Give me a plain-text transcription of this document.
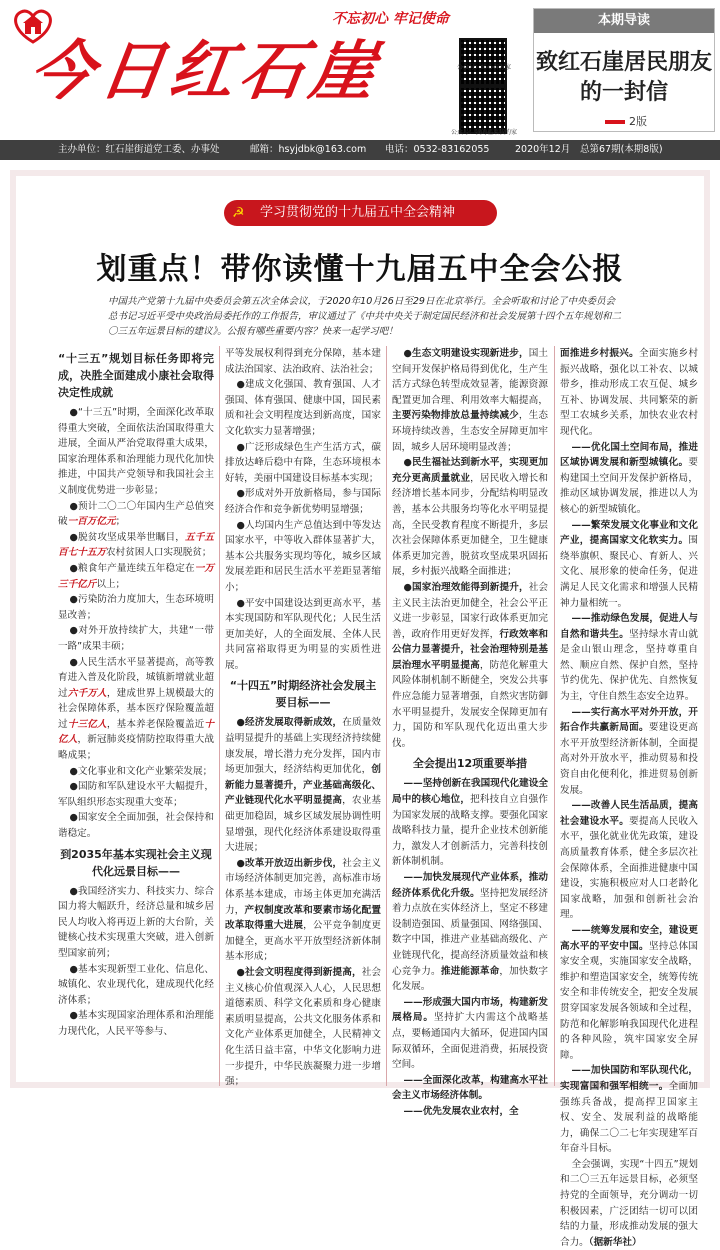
不忘初心 牢记使命
今日红石崖	公众号：红心春万家
公众号：我的福莱我的家
本期导读
致红石崖居民朋友的一封信
2版
主办单位：红石崖街道党工委、办事处	邮箱：hsyjdbk@163.com 电话：0532-83162055	2020年12月 总第67期(本期8版)
学习贯彻党的十九届五中全会精神
☭
划重点！带你读懂十九届五中全会公报
中国共产党第十九届中央委员会第五次全体会议，于2020年10月26日至29日在北京举行。全会听取和讨论了中央委员会总书记习近平受中央政治局委托作的工作报告，审议通过了《中共中央关于制定国民经济和社会发展第十四个五年规划和二〇三五年远景目标的建议》。公报有哪些重要内容？快来一起学习吧！

“十三五”规划目标任务即将完成，决胜全面建成小康社会取得决定性成就

●“十三五”时期，全面深化改革取得重大突破，全面依法治国取得重大进展，全面从严治党取得重大成果，国家治理体系和治理能力现代化加快推进，中国共产党领导和我国社会主义制度优势进一步彰显；

●预计二〇二〇年国内生产总值突破一百万亿元；

●脱贫攻坚成果举世瞩目，五千五百七十五万农村贫困人口实现脱贫；

●粮食年产量连续五年稳定在一万三千亿斤以上；

●污染防治力度加大，生态环境明显改善；

●对外开放持续扩大，共建“一带一路”成果丰硕；

●人民生活水平显著提高，高等教育进入普及化阶段，城镇新增就业超过六千万人，建成世界上规模最大的社会保障体系，基本医疗保险覆盖超过十三亿人，基本养老保险覆盖近十亿人，新冠肺炎疫情防控取得重大战略成果；

●文化事业和文化产业繁荣发展；

●国防和军队建设水平大幅提升，军队组织形态实现重大变革；

●国家安全全面加强，社会保持和谐稳定。

到2035年基本实现社会主义现代化远景目标——

●我国经济实力、科技实力、综合国力将大幅跃升，经济总量和城乡居民人均收入将再迈上新的大台阶，关键核心技术实现重大突破，进入创新型国家前列；

●基本实现新型工业化、信息化、城镇化、农业现代化，建成现代化经济体系；

●基本实现国家治理体系和治理能力现代化，人民平等参与、

平等发展权利得到充分保障，基本建成法治国家、法治政府、法治社会；

●建成文化强国、教育强国、人才强国、体育强国、健康中国，国民素质和社会文明程度达到新高度，国家文化软实力显著增强；

●广泛形成绿色生产生活方式，碳排放达峰后稳中有降，生态环境根本好转，美丽中国建设目标基本实现；

●形成对外开放新格局，参与国际经济合作和竞争新优势明显增强；

●人均国内生产总值达到中等发达国家水平，中等收入群体显著扩大，基本公共服务实现均等化，城乡区域发展差距和居民生活水平差距显著缩小；

●平安中国建设达到更高水平，基本实现国防和军队现代化；人民生活更加美好，人的全面发展、全体人民共同富裕取得更为明显的实质性进展。

“十四五”时期经济社会发展主要目标——

●经济发展取得新成效，在质量效益明显提升的基础上实现经济持续健康发展，增长潜力充分发挥，国内市场更加强大，经济结构更加优化，创新能力显著提升，产业基础高级化、产业链现代化水平明显提高，农业基础更加稳固，城乡区域发展协调性明显增强，现代化经济体系建设取得重大进展；

●改革开放迈出新步伐，社会主义市场经济体制更加完善，高标准市场体系基本建成，市场主体更加充满活力，产权制度改革和要素市场化配置改革取得重大进展，公平竞争制度更加健全，更高水平开放型经济新体制基本形成；

●社会文明程度得到新提高，社会主义核心价值观深入人心，人民思想道德素质、科学文化素质和身心健康素质明显提高，公共文化服务体系和文化产业体系更加健全，人民精神文化生活日益丰富，中华文化影响力进一步提升，中华民族凝聚力进一步增强；

●生态文明建设实现新进步，国土空间开发保护格局得到优化，生产生活方式绿色转型成效显著，能源资源配置更加合理、利用效率大幅提高，主要污染物排放总量持续减少，生态环境持续改善，生态安全屏障更加牢固，城乡人居环境明显改善；

●民生福祉达到新水平，实现更加充分更高质量就业，居民收入增长和经济增长基本同步，分配结构明显改善，基本公共服务均等化水平明显提高，全民受教育程度不断提升，多层次社会保障体系更加健全，卫生健康体系更加完善，脱贫攻坚成果巩固拓展，乡村振兴战略全面推进；

●国家治理效能得到新提升，社会主义民主法治更加健全，社会公平正义进一步彰显，国家行政体系更加完善，政府作用更好发挥，行政效率和公信力显著提升，社会治理特别是基层治理水平明显提高，防范化解重大风险体制机制不断健全，突发公共事件应急能力显著增强，自然灾害防御水平明显提升，发展安全保障更加有力，国防和军队现代化迈出重大步伐。

全会提出12项重要举措

——坚持创新在我国现代化建设全局中的核心地位，把科技自立自强作为国家发展的战略支撑。要强化国家战略科技力量，提升企业技术创新能力，激发人才创新活力，完善科技创新体制机制。

——加快发展现代产业体系，推动经济体系优化升级。坚持把发展经济着力点放在实体经济上，坚定不移建设制造强国、质量强国、网络强国、数字中国，推进产业基础高级化、产业链现代化，提高经济质量效益和核心竞争力。推进能源革命，加快数字化发展。

——形成强大国内市场，构建新发展格局。坚持扩大内需这个战略基点，要畅通国内大循环，促进国内国际双循环，全面促进消费，拓展投资空间。

——全面深化改革，构建高水平社会主义市场经济体制。

——优先发展农业农村，全

面推进乡村振兴。全面实施乡村振兴战略，强化以工补农、以城带乡，推动形成工农互促、城乡互补、协调发展、共同繁荣的新型工农城乡关系，加快农业农村现代化。

——优化国土空间布局，推进区域协调发展和新型城镇化。要构建国土空间开发保护新格局，推动区域协调发展，推进以人为核心的新型城镇化。

——繁荣发展文化事业和文化产业，提高国家文化软实力。围绕举旗帜、聚民心、育新人、兴文化、展形象的使命任务，促进满足人民文化需求和增强人民精神力量相统一。

——推动绿色发展，促进人与自然和谐共生。坚持绿水青山就是金山银山理念，坚持尊重自然、顺应自然、保护自然，坚持节约优先、保护优先、自然恢复为主，守住自然生态安全边界。

——实行高水平对外开放，开拓合作共赢新局面。要建设更高水平开放型经济新体制，全面提高对外开放水平，推动贸易和投资自由化便利化，推进贸易创新发展。

——改善人民生活品质，提高社会建设水平。要提高人民收入水平，强化就业优先政策，建设高质量教育体系，健全多层次社会保障体系，全面推进健康中国建设，实施积极应对人口老龄化国家战略，加强和创新社会治理。

——统筹发展和安全，建设更高水平的平安中国。坚持总体国家安全观，实施国家安全战略，维护和塑造国家安全，统筹传统安全和非传统安全，把安全发展贯穿国家发展各领域和全过程，防范和化解影响我国现代化进程的各种风险，筑牢国家安全屏障。

——加快国防和军队现代化，实现富国和强军相统一。全面加强练兵备战，提高捍卫国家主权、安全、发展利益的战略能力，确保二〇二七年实现建军百年奋斗目标。

全会强调，实现“十四五”规划和二〇三五年远景目标，必须坚持党的全面领导，充分调动一切积极因素，广泛团结一切可以团结的力量，形成推动发展的强大合力。（据新华社）
